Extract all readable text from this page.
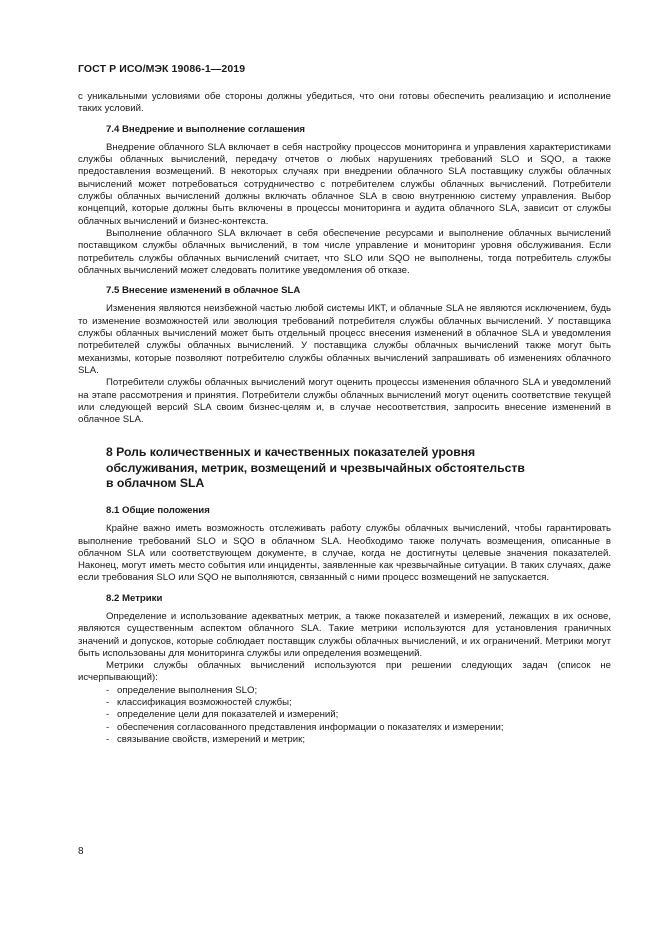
ГОСТ Р ИСО/МЭК 19086-1—2019

с уникальными условиями обе стороны должны убедиться, что они готовы обеспечить реализацию и исполнение таких условий.

7.4 Внедрение и выполнение соглашения

Внедрение облачного SLA включает в себя настройку процессов мониторинга и управления характеристиками службы облачных вычислений, передачу отчетов о любых нарушениях требований SLO и SQO, а также предоставления возмещений. В некоторых случаях при внедрении облачного SLA поставщику службы облачных вычислений может потребоваться сотрудничество с потребителем службы облачных вычислений. Потребители службы облачных вычислений должны включать облачное SLA в свою внутреннюю систему управления. Выбор концепций, которые должны быть включены в процессы мониторинга и аудита облачного SLA, зависит от службы облачных вычислений и бизнес-контекста.

Выполнение облачного SLA включает в себя обеспечение ресурсами и выполнение облачных вычислений поставщиком службы облачных вычислений, в том числе управление и мониторинг уровня обслуживания. Если потребитель службы облачных вычислений считает, что SLO или SQO не выполнены, тогда потребитель службы облачных вычислений может следовать политике уведомления об отказе.

7.5 Внесение изменений в облачное SLA

Изменения являются неизбежной частью любой системы ИКТ, и облачные SLA не являются исключением, будь то изменение возможностей или эволюция требований потребителя службы облачных вычислений. У поставщика службы облачных вычислений может быть отдельный процесс внесения изменений в облачное SLA и уведомления потребителей службы облачных вычислений. У поставщика службы облачных вычислений также могут быть механизмы, которые позволяют потребителю службы облачных вычислений запрашивать об изменениях облачного SLA.

Потребители службы облачных вычислений могут оценить процессы изменения облачного SLA и уведомлений на этапе рассмотрения и принятия. Потребители службы облачных вычислений могут оценить соответствие текущей или следующей версий SLA своим бизнес-целям и, в случае несоответствия, запросить внесение изменений в облачное SLA.

8 Роль количественных и качественных показателей уровня
обслуживания, метрик, возмещений и чрезвычайных обстоятельств
в облачном SLA
8.1 Общие положения

Крайне важно иметь возможность отслеживать работу службы облачных вычислений, чтобы гарантировать выполнение требований SLO и SQO в облачном SLA. Необходимо также получать возмещения, описанные в облачном SLA или соответствующем документе, в случае, когда не достигнуты целевые значения показателей. Наконец, могут иметь место события или инциденты, заявленные как чрезвычайные ситуации. В таких случаях, даже если требования SLO или SQO не выполняются, связанный с ними процесс возмещений не запускается.

8.2 Метрики

Определение и использование адекватных метрик, а также показателей и измерений, лежащих в их основе, являются существенным аспектом облачного SLA. Такие метрики используются для установления граничных значений и допусков, которые соблюдает поставщик службы облачных вычислений, и их ограничений. Метрики могут быть использованы для мониторинга службы или определения возмещений.

Метрики службы облачных вычислений используются при решении следующих задач (список не исчерпывающий):

- определение выполнения SLO;
- классификация возможностей службы;
- определение цели для показателей и измерений;
- обеспечения согласованного представления информации о показателях и измерении;
- связывание свойств, измерений и метрик;
8
